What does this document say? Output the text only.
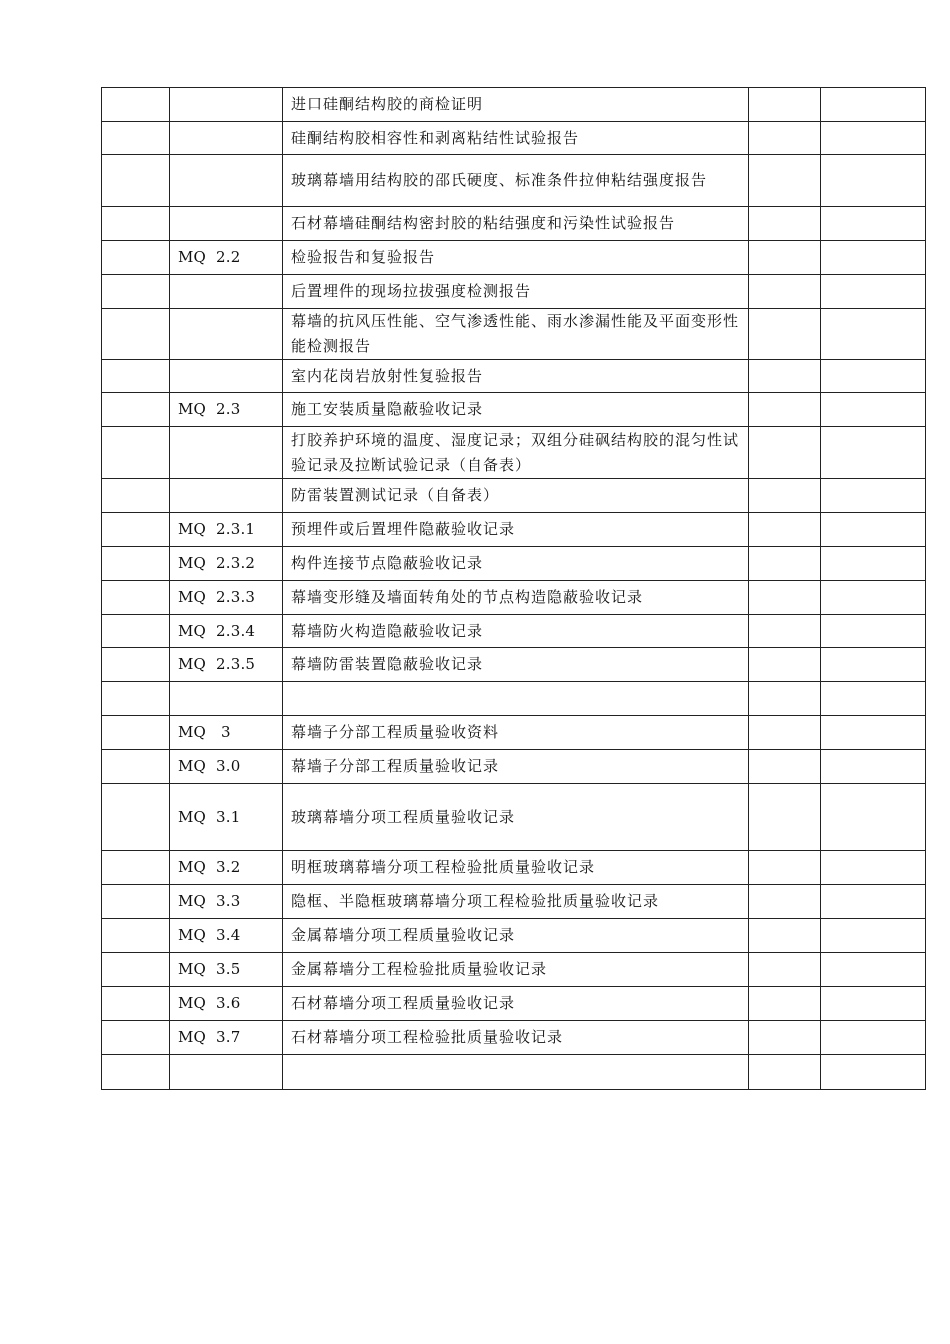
		进口硅酮结构胶的商检证明		
		硅酮结构胶相容性和剥离粘结性试验报告		
		玻璃幕墙用结构胶的邵氏硬度、标准条件拉伸粘结强度报告		
		石材幕墙硅酮结构密封胶的粘结强度和污染性试验报告		
	MQ  2.2	检验报告和复验报告		
		后置埋件的现场拉拔强度检测报告		
		幕墙的抗风压性能、空气渗透性能、雨水渗漏性能及平面变形性能检测报告		
		室内花岗岩放射性复验报告		
	MQ  2.3	施工安装质量隐蔽验收记录		
		打胶养护环境的温度、湿度记录；双组分硅砜结构胶的混匀性试验记录及拉断试验记录（自备表）		
		防雷装置测试记录（自备表）		
	MQ  2.3.1	预埋件或后置埋件隐蔽验收记录		
	MQ  2.3.2	构件连接节点隐蔽验收记录		
	MQ  2.3.3	幕墙变形缝及墙面转角处的节点构造隐蔽验收记录		
	MQ  2.3.4	幕墙防火构造隐蔽验收记录		
	MQ  2.3.5	幕墙防雷装置隐蔽验收记录		

	MQ   3	幕墙子分部工程质量验收资料		
	MQ  3.0	幕墙子分部工程质量验收记录		
	MQ  3.1	玻璃幕墙分项工程质量验收记录		
	MQ  3.2	明框玻璃幕墙分项工程检验批质量验收记录		
	MQ  3.3	隐框、半隐框玻璃幕墙分项工程检验批质量验收记录		
	MQ  3.4	金属幕墙分项工程质量验收记录		
	MQ  3.5	金属幕墙分工程检验批质量验收记录		
	MQ  3.6	石材幕墙分项工程质量验收记录		
	MQ  3.7	石材幕墙分项工程检验批质量验收记录		
